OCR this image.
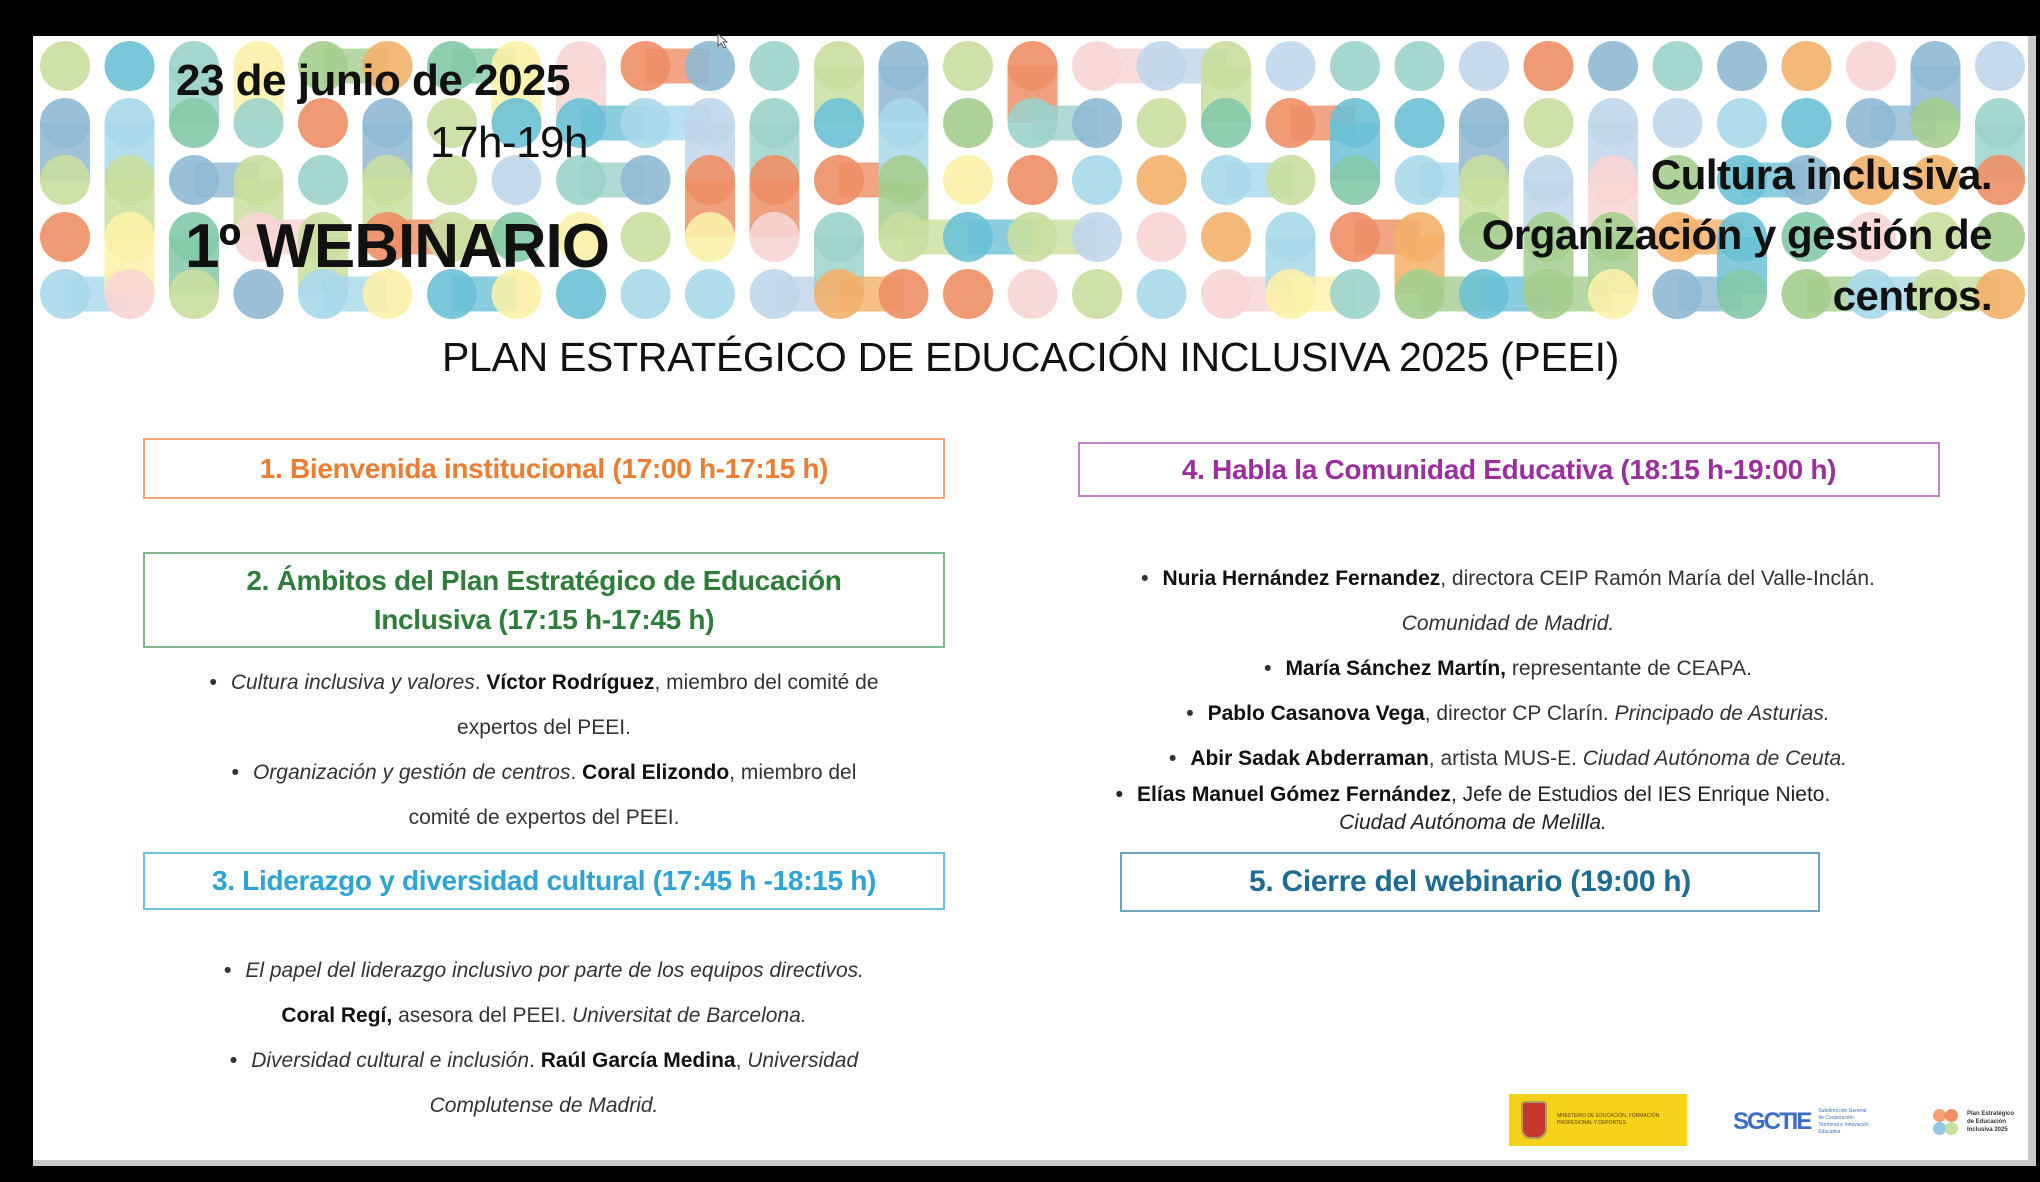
23 de junio de 2025
17h-19h
1º WEBINARIO
Cultura inclusiva.
Organización y gestión de
centros.
PLAN ESTRATÉGICO DE EDUCACIÓN INCLUSIVA 2025 (PEEI)
1. Bienvenida institucional (17:00 h-17:15 h)
2. Ámbitos del Plan Estratégico de Educación
Inclusiva (17:15 h-17:45 h)
• Cultura inclusiva y valores. Víctor Rodríguez, miembro del comité de
expertos del PEEI.
• Organización y gestión de centros. Coral Elizondo, miembro del
comité de expertos del PEEI.
3. Liderazgo y diversidad cultural (17:45 h -18:15 h)
• El papel del liderazgo inclusivo por parte de los equipos directivos.
Coral Regí, asesora del PEEI. Universitat de Barcelona.
• Diversidad cultural e inclusión. Raúl García Medina, Universidad
Complutense de Madrid.
4. Habla la Comunidad Educativa (18:15 h-19:00 h)
• Nuria Hernández Fernandez, directora CEIP Ramón María del Valle-Inclán.
Comunidad de Madrid.
• María Sánchez Martín, representante de CEAPA.
• Pablo Casanova Vega, director CP Clarín. Principado de Asturias.
• Abir Sadak Abderraman, artista MUS-E. Ciudad Autónoma de Ceuta.
• Elías Manuel Gómez Fernández, Jefe de Estudios del IES Enrique Nieto.
Ciudad Autónoma de Melilla.
5. Cierre del webinario (19:00 h)
MINISTERIO DE EDUCACIÓN, FORMACIÓN PROFESIONAL Y DEPORTES	SGCTIE Subdirección General de Cooperación Territorial e Innovación Educativa
Plan Estratégico de Educación Inclusiva 2025
